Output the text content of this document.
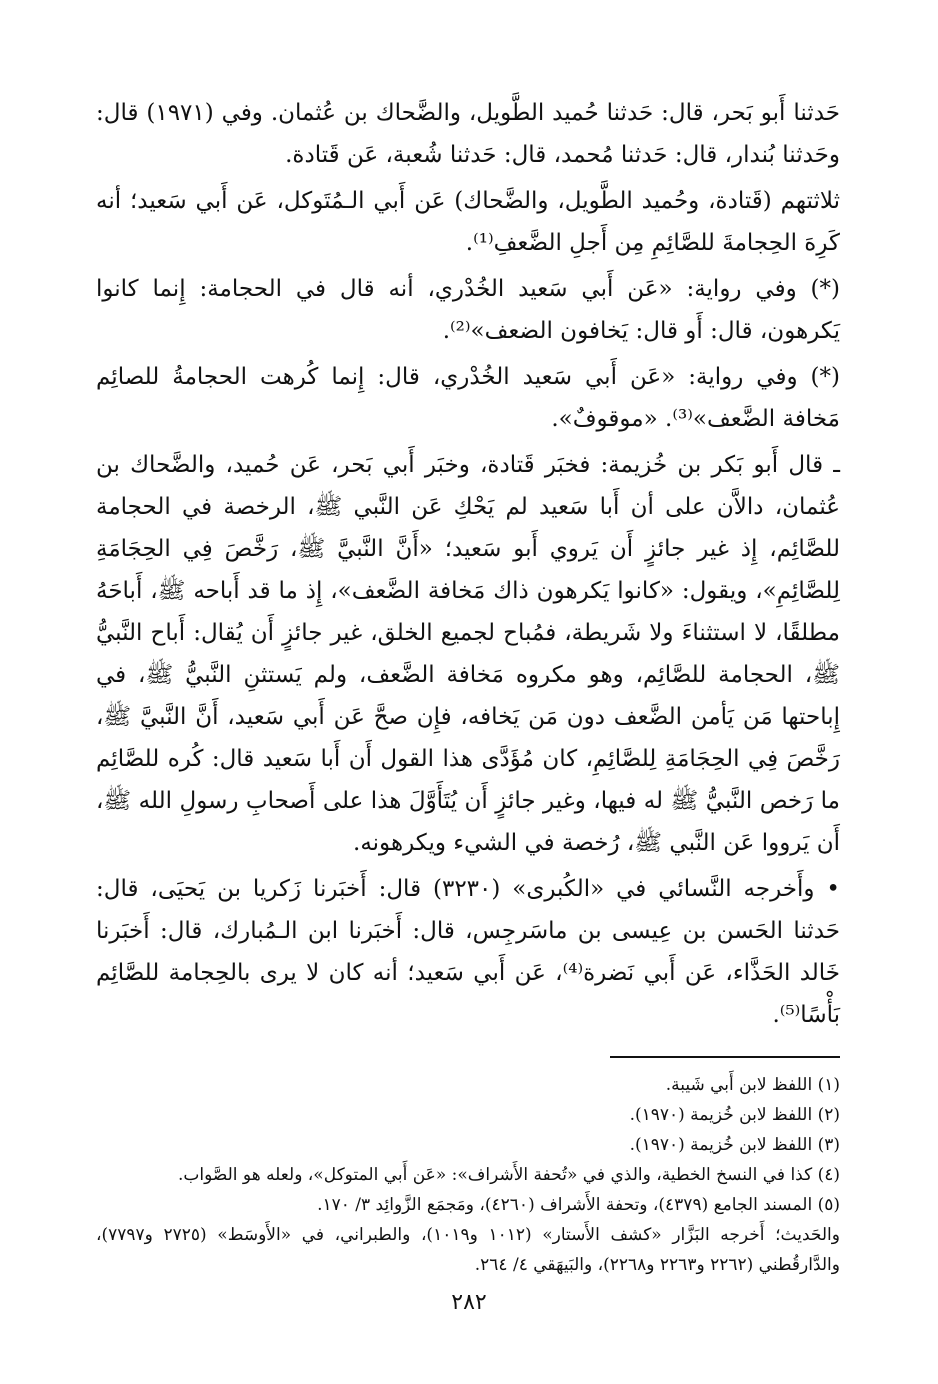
حَدثنا أَبو بَحر، قال: حَدثنا حُميد الطَّويل، والضَّحاك بن عُثمان. وفي (١٩٧١) قال: وحَدثنا بُندار، قال: حَدثنا مُحمد، قال: حَدثنا شُعبة، عَن قَتادة.

ثلاثتهم (قَتادة، وحُميد الطَّويل، والضَّحاك) عَن أَبي الـمُتَوكل، عَن أَبي سَعيد؛ أنه كَرِهَ الحِجامةَ للصَّائِمِ مِن أَجلِ الضَّعفِ⁽¹⁾.

(*) وفي رواية: «عَن أَبي سَعيد الخُدْري، أنه قال في الحجامة: إِنما كانوا يَكرهون، قال: أَو قال: يَخافون الضعف»⁽²⁾.

(*) وفي رواية: «عَن أَبي سَعيد الخُدْري، قال: إِنما كُرهت الحجامةُ للصائِم مَخافة الضَّعف»⁽³⁾. «موقوفٌ».

ـ قال أَبو بَكر بن خُزيمة: فخبَر قَتادة، وخبَر أَبي بَحر، عَن حُميد، والضَّحاك بن عُثمان، دالاَّن على أن أَبا سَعيد لم يَحْكِ عَن النَّبي ﷺ، الرخصة في الحجامة للصَّائِم، إِذ غير جائزٍ أَن يَروي أَبو سَعيد؛ «أَنَّ النَّبيَّ ﷺ، رَخَّصَ فِي الحِجَامَةِ لِلصَّائِمِ»، ويقول: «كانوا يَكرهون ذاك مَخافة الضَّعف»، إِذ ما قد أَباحه ﷺ، أَباحَهُ مطلقًا، لا استثناءَ ولا شَريطة، فمُباح لجميع الخلق، غير جائزٍ أَن يُقال: أَباح النَّبيُّ ﷺ، الحجامة للصَّائِم، وهو مكروه مَخافة الضَّعف، ولم يَستثنِ النَّبيُّ ﷺ، في إِباحتها مَن يَأمن الضَّعف دون مَن يَخافه، فإِن صحَّ عَن أَبي سَعيد، أَنَّ النَّبيَّ ﷺ، رَخَّصَ فِي الحِجَامَةِ لِلصَّائِمِ، كان مُؤَدَّى هذا القول أَن أَبا سَعيد قال: كُره للصَّائِم ما رَخص النَّبيُّ ﷺ له فيها، وغير جائزٍ أَن يُتَأَوَّلَ هذا على أَصحابِ رسولِ الله ﷺ، أَن يَرووا عَن النَّبي ﷺ، رُخصة في الشيء ويكرهونه.

• وأَخرجه النَّسائي في «الكُبرى» (٣٢٣٠) قال: أَخبَرنا زَكريا بن يَحيَى، قال: حَدثنا الحَسن بن عِيسى بن ماسَرجِس، قال: أَخبَرنا ابن الـمُبارك، قال: أَخبَرنا خَالد الحَذَّاء، عَن أَبي نَضرة⁽⁴⁾، عَن أَبي سَعيد؛ أنه كان لا يرى بالحِجامة للصَّائِم بَأْسًا⁽⁵⁾.

(١) اللفظ لابن أَبي شَيبة.

(٢) اللفظ لابن خُزيمة (١٩٧٠).

(٣) اللفظ لابن خُزيمة (١٩٧٠).

(٤) كذا في النسخ الخطية، والذي في «تُحفة الأَشراف»: «عَن أَبي المتوكل»، ولعله هو الصَّواب.

(٥) المسند الجامع (٤٣٧٩)، وتحفة الأَشراف (٤٢٦٠)، ومَجمَع الزَّوائِد ٣/ ١٧٠.

والحَديث؛ أَخرجه البَزَّار «كشف الأَستار» (١٠١٢ و١٠١٩)، والطبراني، في «الأَوسَط» (٢٧٢٥ و٧٧٩٧)، والدَّارقُطني (٢٢٦٢ و٢٢٦٣ و٢٢٦٨)، والبَيهَقي ٤/ ٢٦٤.

٢٨٢
